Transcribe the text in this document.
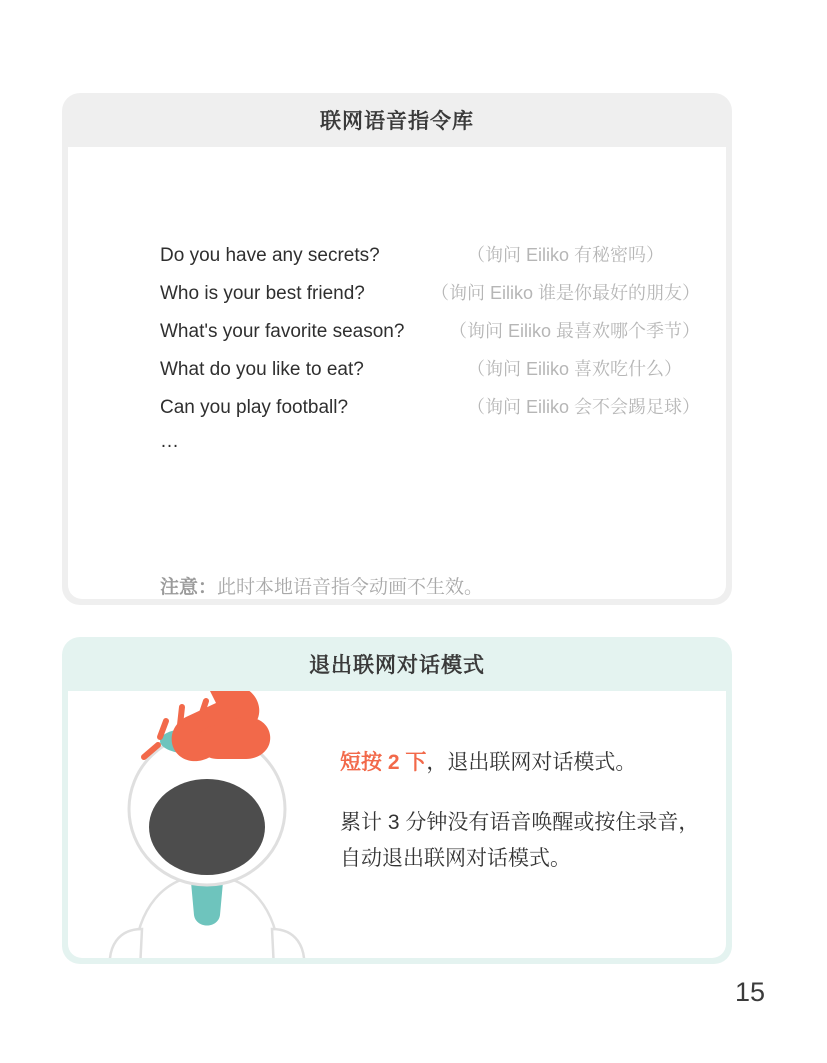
联网语音指令库
Do you have any secrets?	（询问 Eiliko 有秘密吗）
Who is your best friend?	（询问 Eiliko 谁是你最好的朋友）
What's your favorite season?	（询问 Eiliko 最喜欢哪个季节）
What do you like to eat?	（询问 Eiliko 喜欢吃什么）
Can you play football?	（询问 Eiliko 会不会踢足球）
…
注意：此时本地语音指令动画不生效。
退出联网对话模式
短按 2 下，退出联网对话模式。
累计 3 分钟没有语音唤醒或按住录音，自动退出联网对话模式。
15
